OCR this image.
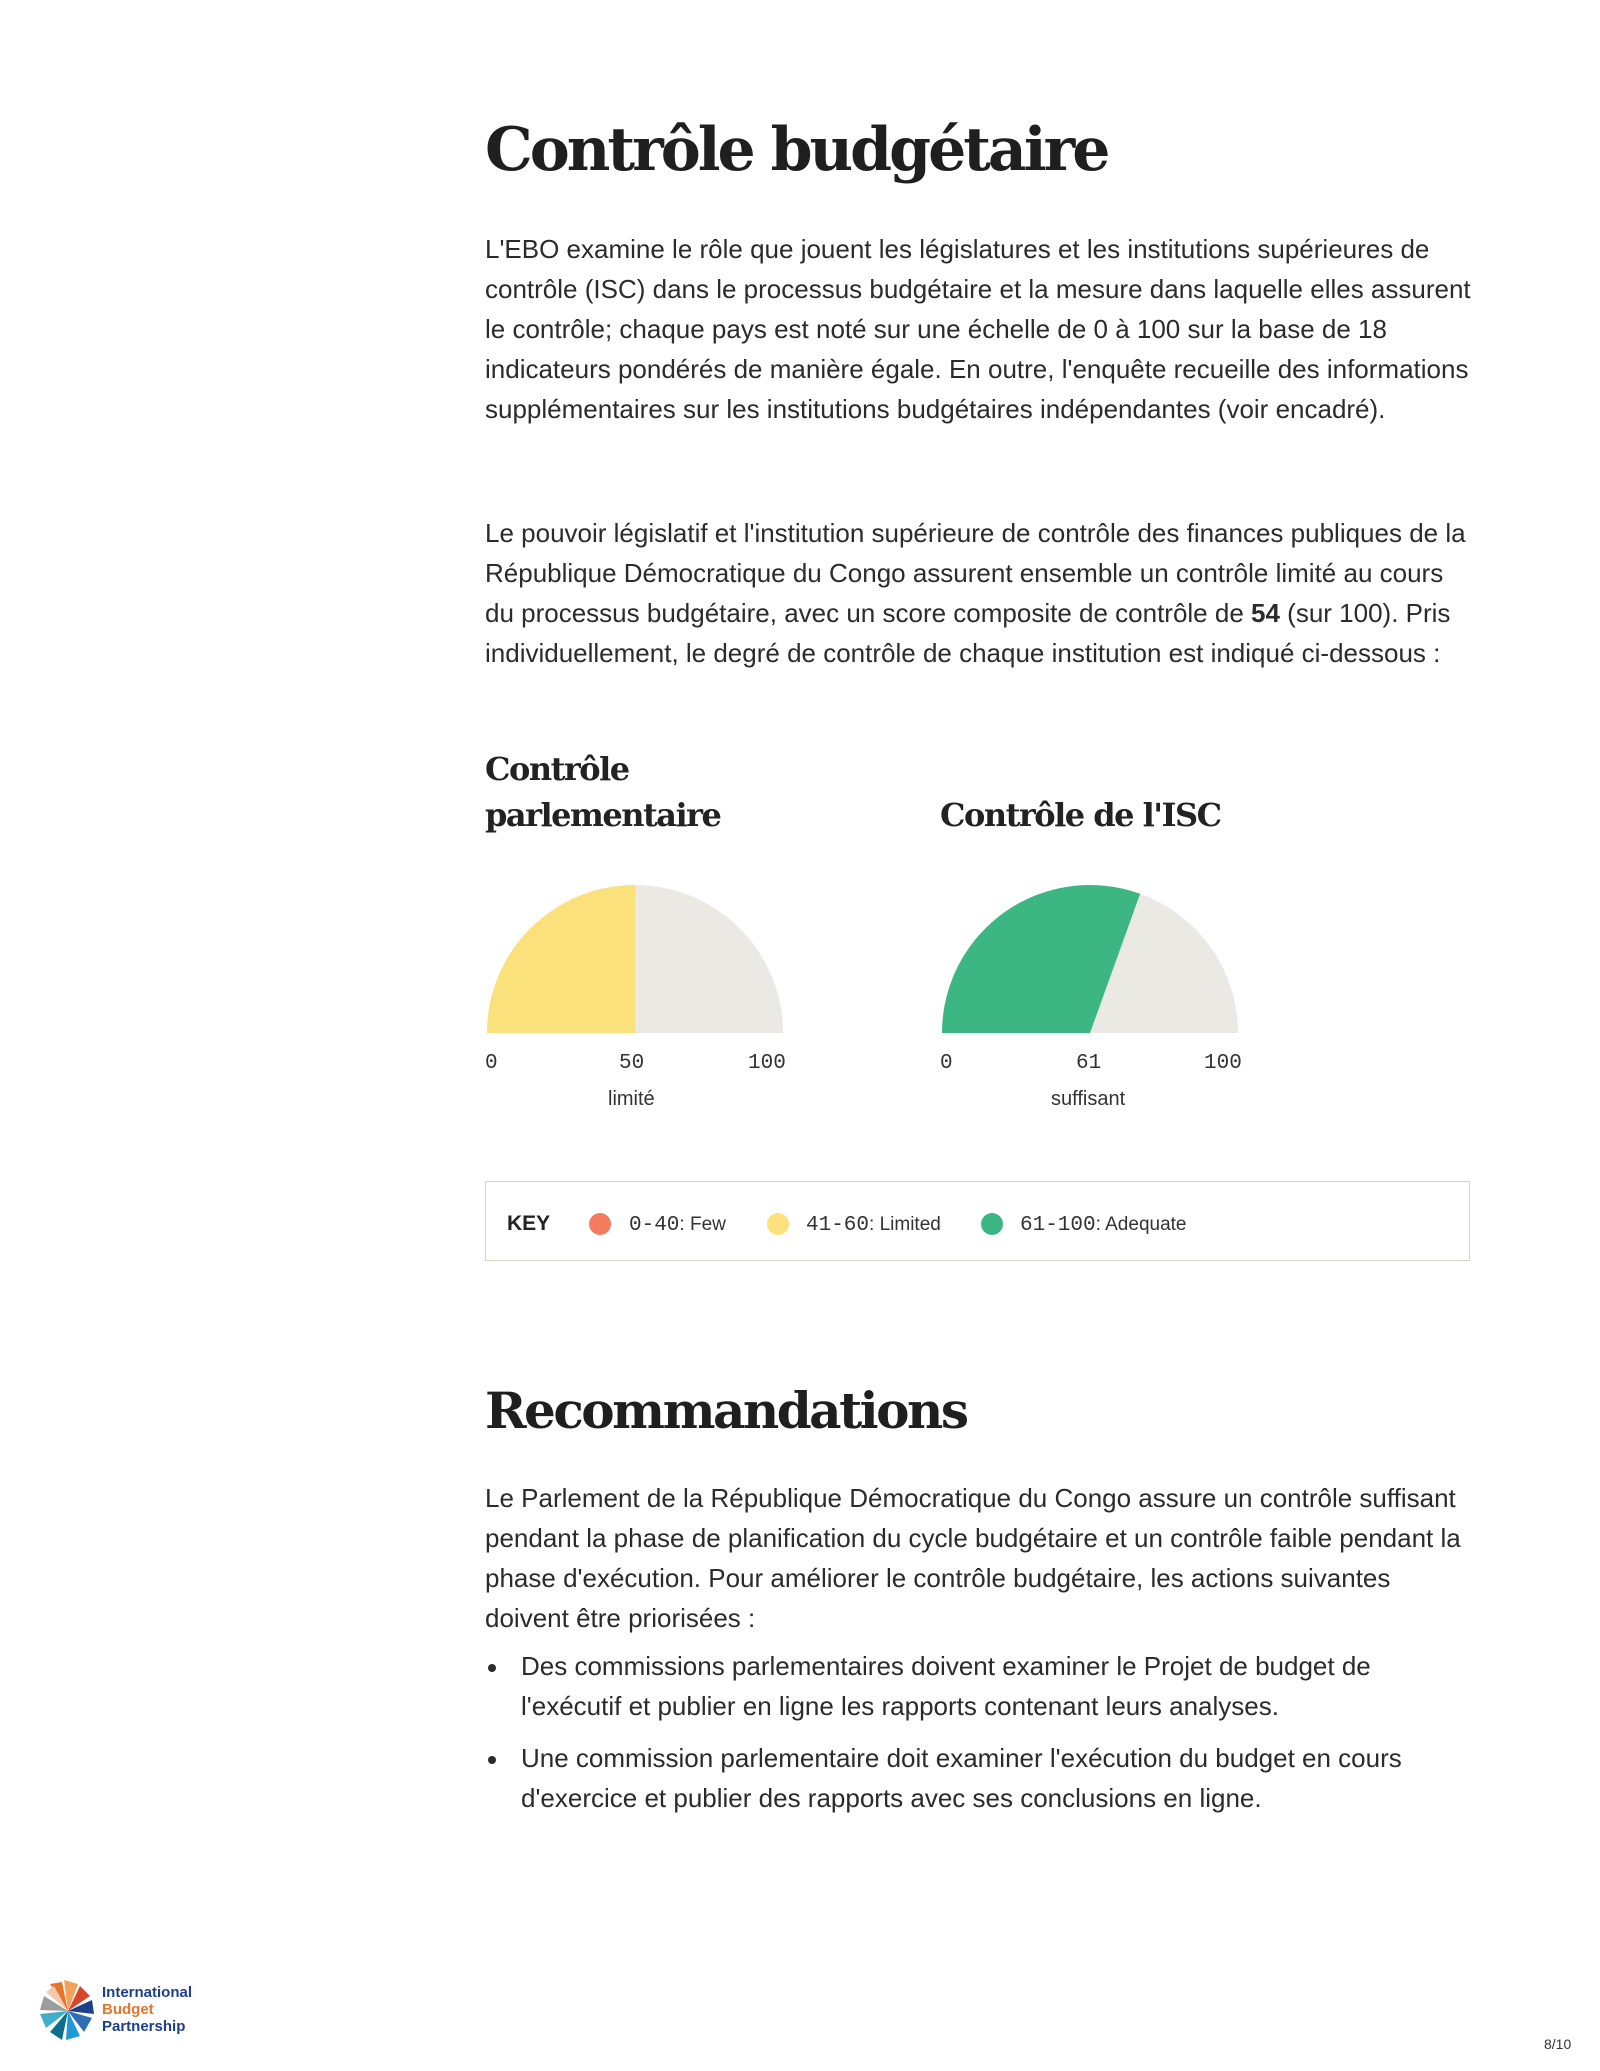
Contrôle budgétaire

L'EBO examine le rôle que jouent les législatures et les institutions supérieures de contrôle (ISC) dans le processus budgétaire et la mesure dans laquelle elles assurent le contrôle; chaque pays est noté sur une échelle de 0 à 100 sur la base de 18 indicateurs pondérés de manière égale. En outre, l'enquête recueille des informations supplémentaires sur les institutions budgétaires indépendantes (voir encadré).

Le pouvoir législatif et l'institution supérieure de contrôle des finances publiques de la République Démocratique du Congo assurent ensemble un contrôle limité au cours du processus budgétaire, avec un score composite de contrôle de 54 (sur 100). Pris individuellement, le degré de contrôle de chaque institution est indiqué ci-dessous :

Contrôle
parlementaire

0	50	100
limité

Contrôle de l'ISC

0	61	100
suffisant
KEY	0-40: Few	41-60: Limited	61-100: Adequate
Recommandations

Le Parlement de la République Démocratique du Congo assure un contrôle suffisant pendant la phase de planification du cycle budgétaire et un contrôle faible pendant la phase d'exécution. Pour améliorer le contrôle budgétaire, les actions suivantes doivent être priorisées :

Des commissions parlementaires doivent examiner le Projet de budget de l'exécutif et publier en ligne les rapports contenant leurs analyses.
Une commission parlementaire doit examiner l'exécution du budget en cours d'exercice et publier des rapports avec ses conclusions en ligne.
International
Budget
Partnership
8/10
